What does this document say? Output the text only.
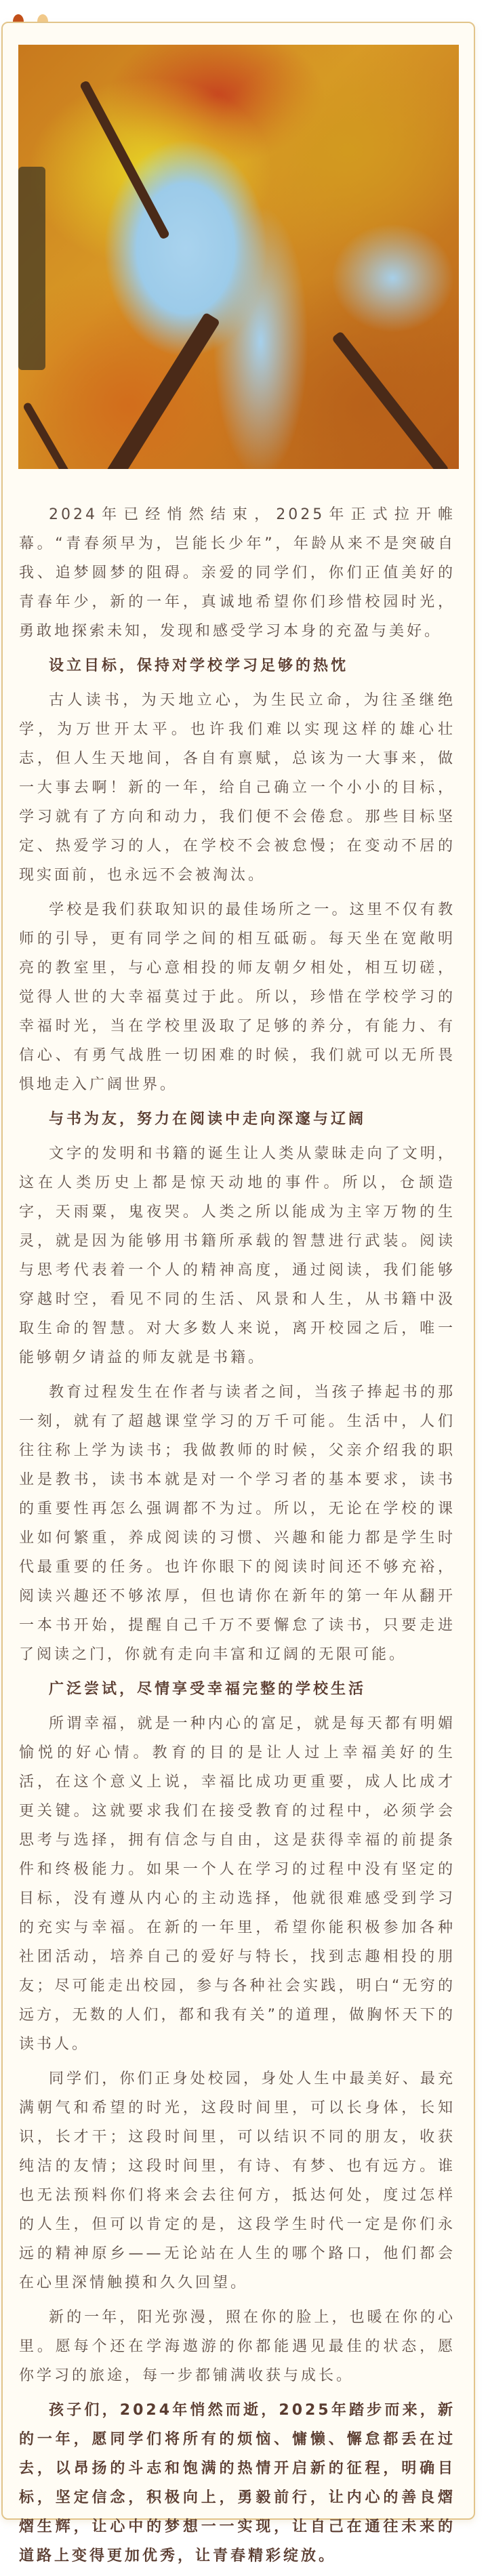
2024年已经悄然结束，2025年正式拉开帷幕。“青春须早为，岂能长少年”，年龄从来不是突破自我、追梦圆梦的阻碍。亲爱的同学们，你们正值美好的青春年少，新的一年，真诚地希望你们珍惜校园时光，勇敢地探索未知，发现和感受学习本身的充盈与美好。

设立目标，保持对学校学习足够的热忱

古人读书，为天地立心，为生民立命，为往圣继绝学，为万世开太平。也许我们难以实现这样的雄心壮志，但人生天地间，各自有禀赋，总该为一大事来，做一大事去啊！新的一年，给自己确立一个小小的目标，学习就有了方向和动力，我们便不会倦怠。那些目标坚定、热爱学习的人，在学校不会被怠慢；在变动不居的现实面前，也永远不会被淘汰。

学校是我们获取知识的最佳场所之一。这里不仅有教师的引导，更有同学之间的相互砥砺。每天坐在宽敞明亮的教室里，与心意相投的师友朝夕相处，相互切磋，觉得人世的大幸福莫过于此。所以，珍惜在学校学习的幸福时光，当在学校里汲取了足够的养分，有能力、有信心、有勇气战胜一切困难的时候，我们就可以无所畏惧地走入广阔世界。

与书为友，努力在阅读中走向深邃与辽阔

文字的发明和书籍的诞生让人类从蒙昧走向了文明，这在人类历史上都是惊天动地的事件。所以，仓颉造字，天雨粟，鬼夜哭。人类之所以能成为主宰万物的生灵，就是因为能够用书籍所承载的智慧进行武装。阅读与思考代表着一个人的精神高度，通过阅读，我们能够穿越时空，看见不同的生活、风景和人生，从书籍中汲取生命的智慧。对大多数人来说，离开校园之后，唯一能够朝夕请益的师友就是书籍。

教育过程发生在作者与读者之间，当孩子捧起书的那一刻，就有了超越课堂学习的万千可能。生活中，人们往往称上学为读书；我做教师的时候，父亲介绍我的职业是教书，读书本就是对一个学习者的基本要求，读书的重要性再怎么强调都不为过。所以，无论在学校的课业如何繁重，养成阅读的习惯、兴趣和能力都是学生时代最重要的任务。也许你眼下的阅读时间还不够充裕，阅读兴趣还不够浓厚，但也请你在新年的第一年从翻开一本书开始，提醒自己千万不要懈怠了读书，只要走进了阅读之门，你就有走向丰富和辽阔的无限可能。

广泛尝试，尽情享受幸福完整的学校生活

所谓幸福，就是一种内心的富足，就是每天都有明媚愉悦的好心情。教育的目的是让人过上幸福美好的生活，在这个意义上说，幸福比成功更重要，成人比成才更关键。这就要求我们在接受教育的过程中，必须学会思考与选择，拥有信念与自由，这是获得幸福的前提条件和终极能力。如果一个人在学习的过程中没有坚定的目标，没有遵从内心的主动选择，他就很难感受到学习的充实与幸福。在新的一年里，希望你能积极参加各种社团活动，培养自己的爱好与特长，找到志趣相投的朋友；尽可能走出校园，参与各种社会实践，明白“无穷的远方，无数的人们，都和我有关”的道理，做胸怀天下的读书人。

同学们，你们正身处校园，身处人生中最美好、最充满朝气和希望的时光，这段时间里，可以长身体，长知识，长才干；这段时间里，可以结识不同的朋友，收获纯洁的友情；这段时间里，有诗、有梦、也有远方。谁也无法预料你们将来会去往何方，抵达何处，度过怎样的人生，但可以肯定的是，这段学生时代一定是你们永远的精神原乡——无论站在人生的哪个路口，他们都会在心里深情触摸和久久回望。

新的一年，阳光弥漫，照在你的脸上，也暖在你的心里。愿每个还在学海遨游的你都能遇见最佳的状态，愿你学习的旅途，每一步都铺满收获与成长。

孩子们，2024年悄然而逝，2025年踏步而来，新的一年，愿同学们将所有的烦恼、慵懒、懈怠都丢在过去，以昂扬的斗志和饱满的热情开启新的征程，明确目标，坚定信念，积极向上，勇毅前行，让内心的善良熠熠生辉，让心中的梦想一一实现，让自己在通往未来的道路上变得更加优秀，让青春精彩绽放。
